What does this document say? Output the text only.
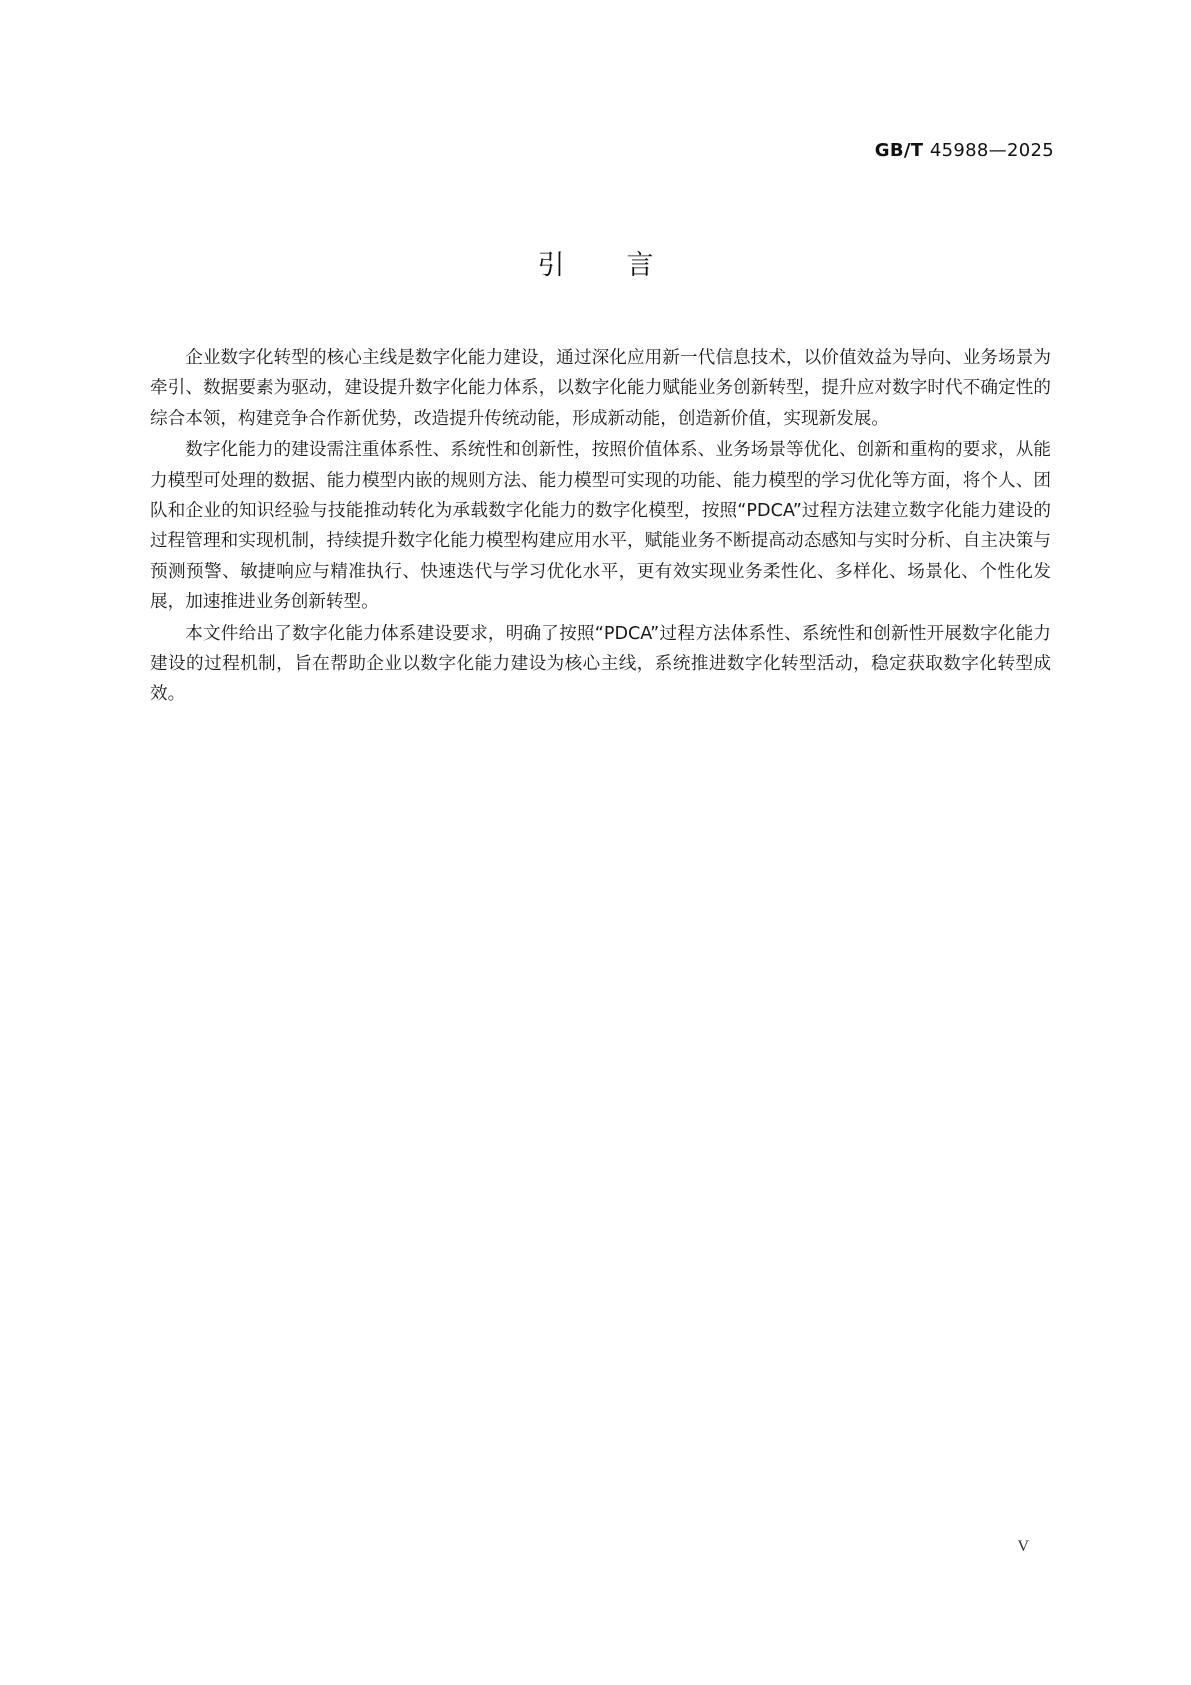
GB/T 45988—2025
引言

企业数字化转型的核心主线是数字化能力建设，通过深化应用新一代信息技术，以价值效益为导向、业务场景为牵引、数据要素为驱动，建设提升数字化能力体系，以数字化能力赋能业务创新转型，提升应对数字时代不确定性的综合本领，构建竞争合作新优势，改造提升传统动能，形成新动能，创造新价值，实现新发展。

数字化能力的建设需注重体系性、系统性和创新性，按照价值体系、业务场景等优化、创新和重构的要求，从能力模型可处理的数据、能力模型内嵌的规则方法、能力模型可实现的功能、能力模型的学习优化等方面，将个人、团队和企业的知识经验与技能推动转化为承载数字化能力的数字化模型，按照“PDCA”过程方法建立数字化能力建设的过程管理和实现机制，持续提升数字化能力模型构建应用水平，赋能业务不断提高动态感知与实时分析、自主决策与预测预警、敏捷响应与精准执行、快速迭代与学习优化水平，更有效实现业务柔性化、多样化、场景化、个性化发展，加速推进业务创新转型。

本文件给出了数字化能力体系建设要求，明确了按照“PDCA”过程方法体系性、系统性和创新性开展数字化能力建设的过程机制，旨在帮助企业以数字化能力建设为核心主线，系统推进数字化转型活动，稳定获取数字化转型成效。

V
